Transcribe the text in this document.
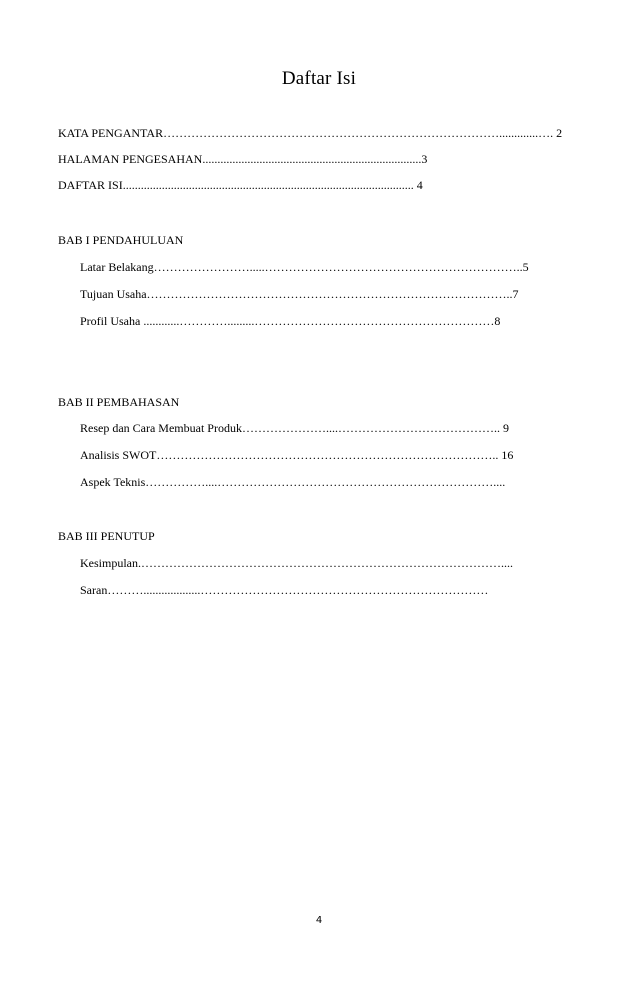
Daftar Isi
KATA PENGANTAR………………………………………………………………………….............…. 2
HALAMAN PENGESAHAN.........................................................................3
DAFTAR ISI................................................................................................. 4
BAB I PENDAHULUAN
Latar Belakang…………………….....………………………………………………………..5
Tujuan Usaha………………………………………………………………………………..7
Profil Usaha ............………….........……………………………………………………8
BAB II PEMBAHASAN
Resep dan Cara Membuat Produk…………………....………………………………….. 9
Analisis SWOT………………………………………………………………………….. 16
Aspek Teknis……………....……………………………………………………………....
BAB III PENUTUP
Kesimpulan.………………………………………………………………………………....
Saran………...................………………………………………………………………
4
